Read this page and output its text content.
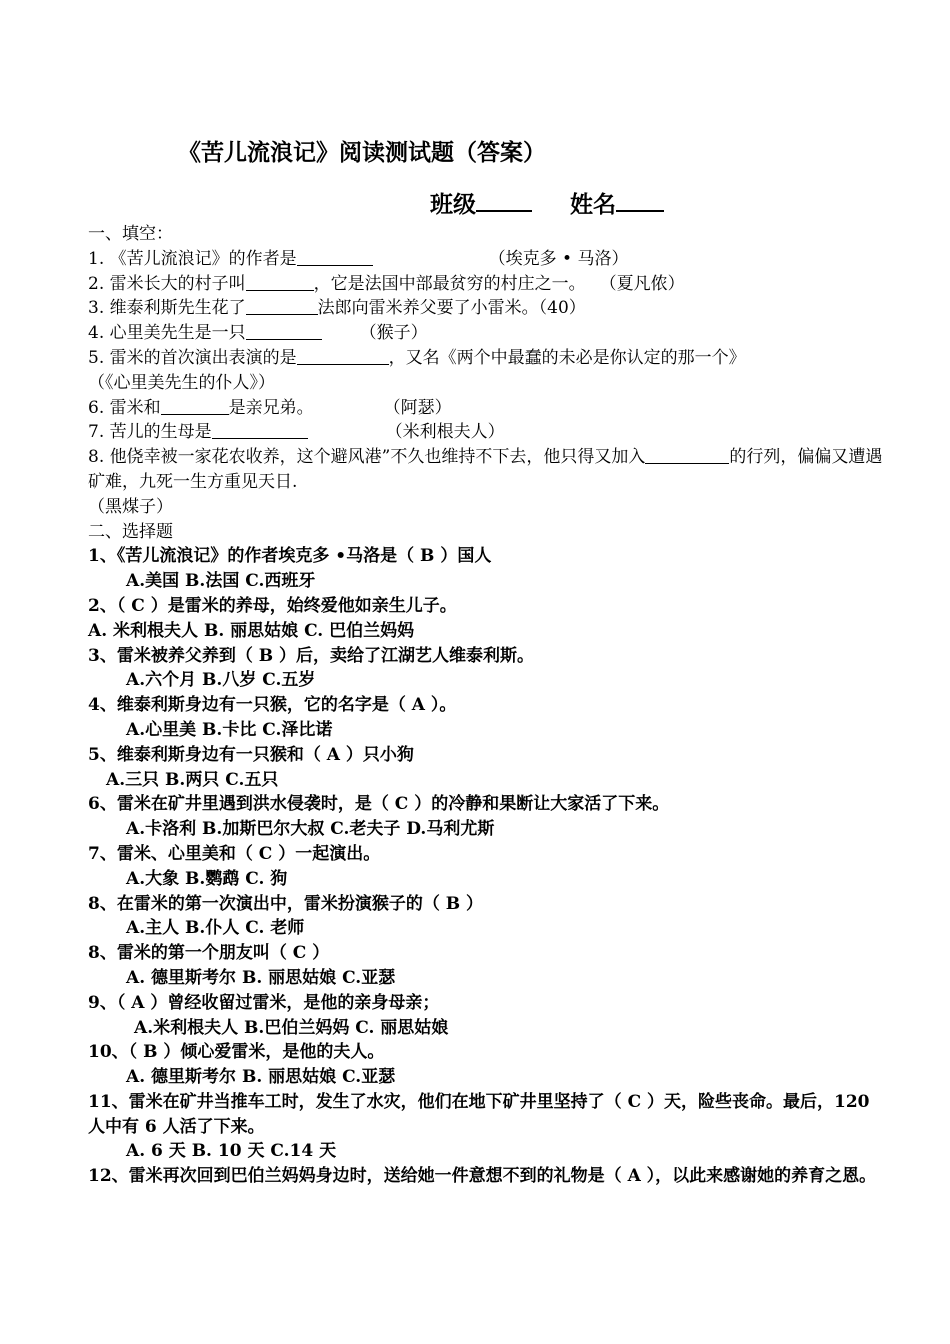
《苦儿流浪记》阅读测试题（答案）
班级	姓名
一、填空：
1. 《苦儿流浪记》的作者是	（埃克多 • 马洛）
2. 雷米长大的村子叫	，它是法国中部最贫穷的村庄之一。 （夏凡侬）
3. 维泰利斯先生花了	法郎向雷米养父要了小雷米。（40）
4. 心里美先生是一只	（猴子）
5. 雷米的首次演出表演的是	，又名《两个中最蠢的未必是你认定的那一个》
（《心里美先生的仆人》）
6. 雷米和	是亲兄弟。	（阿瑟）
7. 苦儿的生母是	（米利根夫人）
8. 他侥幸被一家花农收养，这个避风港”不久也维持不下去，他只得又加入	的行列，偏偏又遭遇矿难，九死一生方重见天日.
（黑煤子）
二、选择题
1、《苦儿流浪记》的作者埃克多 •马洛是（ B ）国人
A.美国 B.法国 C.西班牙
2、（ C ）是雷米的养母，始终爱他如亲生儿子。
A. 米利根夫人 B. 丽思姑娘 C. 巴伯兰妈妈
3、雷米被养父养到（ B ）后，卖给了江湖艺人维泰利斯。
A.六个月 B.八岁 C.五岁
4、维泰利斯身边有一只猴，它的名字是（ A ）。
A.心里美 B.卡比 C.泽比诺
5、维泰利斯身边有一只猴和（ A ）只小狗
A.三只 B.两只 C.五只
6、雷米在矿井里遇到洪水侵袭时，是（ C ）的冷静和果断让大家活了下来。
A.卡洛利 B.加斯巴尔大叔 C.老夫子 D.马利尤斯
7、雷米、心里美和（ C ）一起演出。
A.大象 B.鹦鹉 C. 狗
8、在雷米的第一次演出中，雷米扮演猴子的（ B ）
A.主人 B.仆人 C. 老师
8、雷米的第一个朋友叫（ C ）
A. 德里斯考尔 B. 丽思姑娘 C.亚瑟
9、（ A ）曾经收留过雷米，是他的亲身母亲；
A.米利根夫人 B.巴伯兰妈妈 C. 丽思姑娘
10、（ B ）倾心爱雷米，是他的夫人。
A. 德里斯考尔 B. 丽思姑娘 C.亚瑟
11、雷米在矿井当推车工时，发生了水灾，他们在地下矿井里坚持了（ C ）天，险些丧命。最后，120 人中有 6 人活了下来。
A. 6 天 B. 10 天 C.14 天
12、雷米再次回到巴伯兰妈妈身边时，送给她一件意想不到的礼物是（ A ），以此来感谢她的养育之恩。
